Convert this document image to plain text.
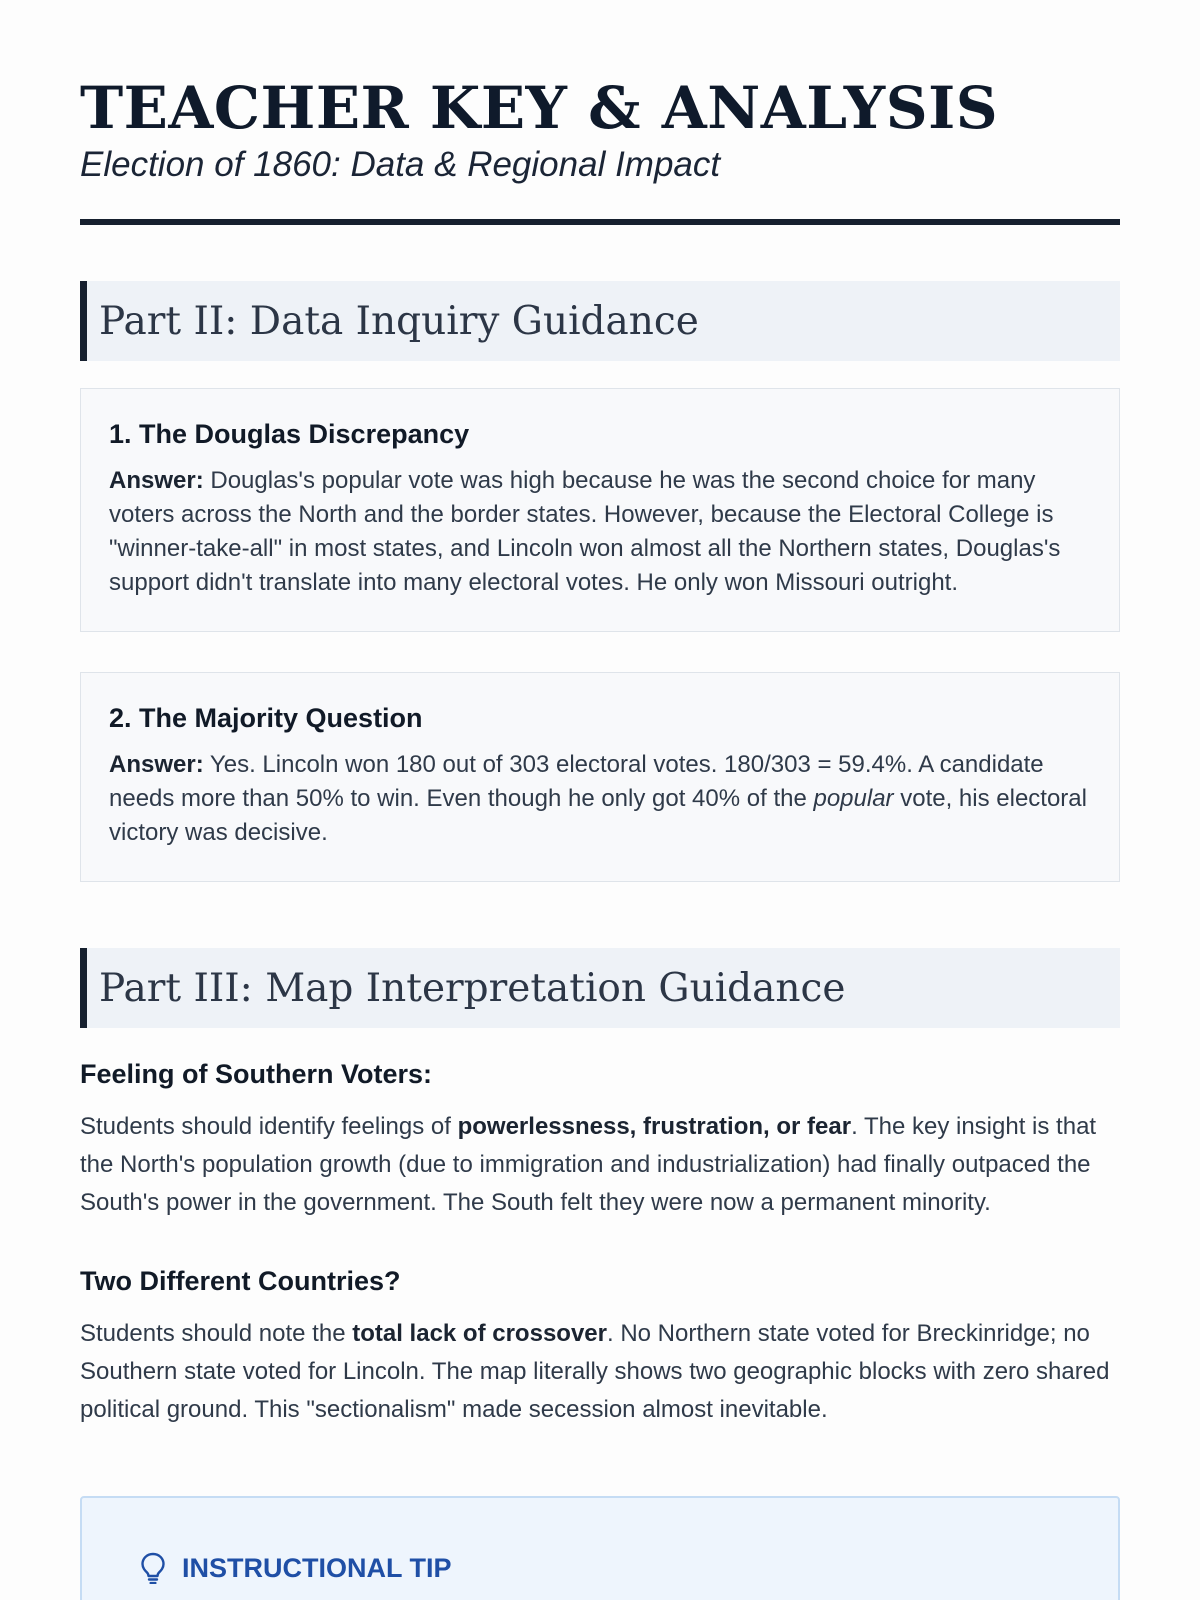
TEACHER KEY & ANALYSIS
Election of 1860: Data & Regional Impact
Part II: Data Inquiry Guidance
1. The Douglas Discrepancy

Answer: Douglas's popular vote was high because he was the second choice for many voters across the North and the border states. However, because the Electoral College is "winner-take-all" in most states, and Lincoln won almost all the Northern states, Douglas's support didn't translate into many electoral votes. He only won Missouri outright.

2. The Majority Question

Answer: Yes. Lincoln won 180 out of 303 electoral votes. 180/303 = 59.4%. A candidate needs more than 50% to win. Even though he only got 40% of the popular vote, his electoral victory was decisive.

Part III: Map Interpretation Guidance
Feeling of Southern Voters:

Students should identify feelings of powerlessness, frustration, or fear. The key insight is that the North's population growth (due to immigration and industrialization) had finally outpaced the South's power in the government. The South felt they were now a permanent minority.

Two Different Countries?

Students should note the total lack of crossover. No Northern state voted for Breckinridge; no Southern state voted for Lincoln. The map literally shows two geographic blocks with zero shared political ground. This "sectionalism" made secession almost inevitable.

INSTRUCTIONAL TIP
